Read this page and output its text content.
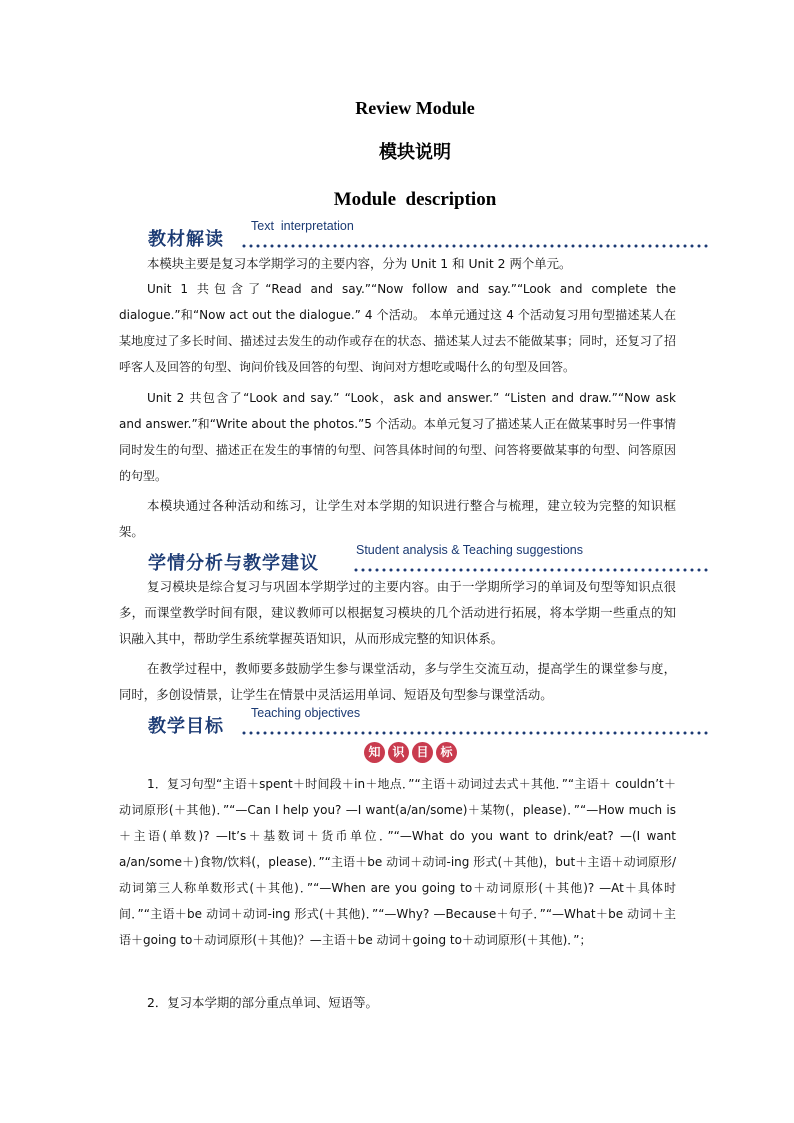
Review Module
模块说明
Module  description
教材解读
Text  interpretation
本模块主要是复习本学期学习的主要内容，分为 Unit 1 和 Unit 2 两个单元。
Unit 1 共包含了“Read and say.”“Now follow and say.”“Look and complete the dialogue.”和“Now act out the dialogue.” 4 个活动。 本单元通过这 4 个活动复习用句型描述某人在某地度过了多长时间、描述过去发生的动作或存在的状态、描述某人过去不能做某事；同时，还复习了招呼客人及回答的句型、询问价钱及回答的句型、询问对方想吃或喝什么的句型及回答。
Unit 2 共包含了“Look and say.” “Look，ask and answer.” “Listen and draw.”“Now ask and answer.”和“Write about the photos.”5 个活动。本单元复习了描述某人正在做某事时另一件事情同时发生的句型、描述正在发生的事情的句型、问答具体时间的句型、问答将要做某事的句型、问答原因的句型。
本模块通过各种活动和练习，让学生对本学期的知识进行整合与梳理，建立较为完整的知识框架。
学情分析与教学建议
Student analysis & Teaching suggestions
复习模块是综合复习与巩固本学期学过的主要内容。由于一学期所学习的单词及句型等知识点很多，而课堂教学时间有限，建议教师可以根据复习模块的几个活动进行拓展，将本学期一些重点的知识融入其中，帮助学生系统掌握英语知识，从而形成完整的知识体系。
在教学过程中，教师要多鼓励学生参与课堂活动，多与学生交流互动，提高学生的课堂参与度，同时，多创设情景，让学生在情景中灵活运用单词、短语及句型参与课堂活动。
教学目标
Teaching objectives
知 识 目 标
1．复习句型“主语＋spent＋时间段＋in＋地点．”“主语＋动词过去式＋其他．”“主语＋ couldn’t＋动词原形(＋其他)．”“—Can I help you? —I want(a/an/some)＋某物(，please)．”“—How much is＋主语(单数)? —It’s＋基数词＋货币单位．”“—What do you want to drink/eat? —(I want a/an/some＋)食物/饮料(，please)．”“主语＋be 动词＋动词-ing 形式(＋其他)，but＋主语＋动词原形/动词第三人称单数形式(＋其他)．”“—When are you going to＋动词原形(＋其他)? —At＋具体时间．”“主语＋be 动词＋动词-ing 形式(＋其他)．”“—Why? —Because＋句子．”“—What＋be 动词＋主语＋going to＋动词原形(＋其他)？—主语＋be 动词＋going to＋动词原形(＋其他)．”；
2．复习本学期的部分重点单词、短语等。
